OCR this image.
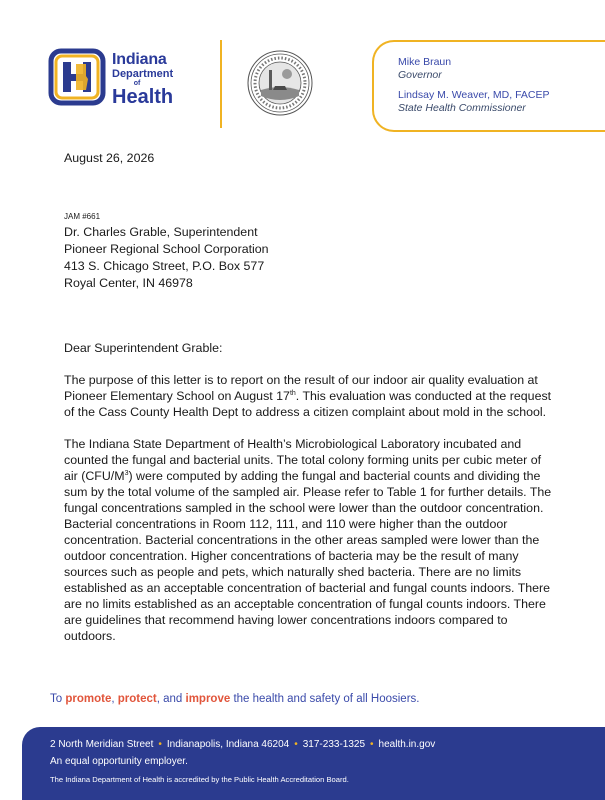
Indiana
Department
of
Health
Mike Braun
Governor
Lindsay M. Weaver, MD, FACEP
State Health Commissioner
August 26, 2026
JAM #661
Dr. Charles Grable, Superintendent
Pioneer Regional School Corporation
413 S. Chicago Street, P.O. Box 577
Royal Center, IN 46978
Dear Superintendent Grable:
The purpose of this letter is to report on the result of our indoor air quality evaluation at Pioneer Elementary School on August 17th. This evaluation was conducted at the request of the Cass County Health Dept to address a citizen complaint about mold in the school.
The Indiana State Department of Health’s Microbiological Laboratory incubated and counted the fungal and bacterial units. The total colony forming units per cubic meter of air $(CFU/M^3)$ were computed by adding the fungal and bacterial counts and dividing the sum by the total volume of the sampled air. Please refer to Table 1 for further details. The fungal concentrations sampled in the school were lower than the outdoor concentration. Bacterial concentrations in Room 112, 111, and 110 were higher than the outdoor concentration. Bacterial concentrations in the other areas sampled were lower than the outdoor concentration. Higher concentrations of bacteria may be the result of many sources such as people and pets, which naturally shed bacteria. There are no limits established as an acceptable concentration of bacterial and fungal counts indoors. There are no limits established as an acceptable concentration of fungal counts indoors. There are guidelines that recommend having lower concentrations indoors compared to outdoors.
To promote, protect, and improve the health and safety of all Hoosiers.
2 North Meridian Street • Indianapolis, Indiana 46204 • 317-233-1325 • health.in.gov
An equal opportunity employer.
The Indiana Department of Health is accredited by the Public Health Accreditation Board.
